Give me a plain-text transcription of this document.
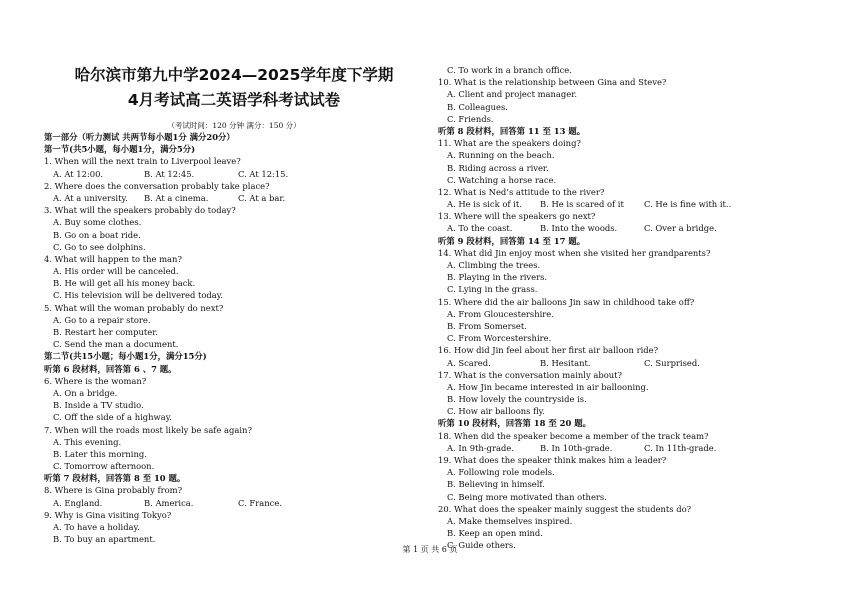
哈尔滨市第九中学2024—2025学年度下学期
4月考试高二英语学科考试试卷
（考试时间：120 分钟 满分：150 分）
第一部分（听力测试 共两节每小题1分 满分20分）
第一节(共5小题，每小题1分，满分5分)
1. When will the next train to Liverpool leave?
A. At 12:00.	B. At 12:45.	C. At 12:15.
2. Where does the conversation probably take place?
A. At a university.	B. At a cinema.	C. At a bar.
3. What will the speakers probably do today?
A. Buy some clothes.
B. Go on a boat ride.
C. Go to see dolphins.
4. What will happen to the man?
A. His order will be canceled.
B. He will get all his money back.
C. His television will be delivered today.
5. What will the woman probably do next?
A. Go to a repair store.
B. Restart her computer.
C. Send the man a document.
第二节(共15小题；每小题1分，满分15分)
听第 6 段材料，回答第 6 、7 题。
6. Where is the woman?
A. On a bridge.
B. Inside a TV studio.
C. Off the side of a highway.
7. When will the roads most likely be safe again?
A. This evening.
B. Later this morning.
C. Tomorrow afternoon.
听第 7 段材料，回答第 8 至 10 题。
8. Where is Gina probably from?
A. England.	B. America.	C. France.
9. Why is Gina visiting Tokyo?
A. To have a holiday.
B. To buy an apartment.
C. To work in a branch office.
10. What is the relationship between Gina and Steve?
A. Client and project manager.
B. Colleagues.
C. Friends.
听第 8 段材料，回答第 11 至 13 题。
11. What are the speakers doing?
A. Running on the beach.
B. Riding across a river.
C. Watching a horse race.
12. What is Ned’s attitude to the river?
A. He is sick of it.	B. He is scared of it	C. He is fine with it..
13. Where will the speakers go next?
A. To the coast.	B. Into the woods.	C. Over a bridge.
听第 9 段材料，回答第 14 至 17 题。
14. What did Jin enjoy most when she visited her grandparents?
A. Climbing the trees.
B. Playing in the rivers.
C. Lying in the grass.
15. Where did the air balloons Jin saw in childhood take off?
A. From Gloucestershire.
B. From Somerset.
C. From Worcestershire.
16. How did Jin feel about her first air balloon ride?
A. Scared.	B. Hesitant.	C. Surprised.
17. What is the conversation mainly about?
A. How Jin became interested in air ballooning.
B. How lovely the countryside is.
C. How air balloons fly.
听第 10 段材料，回答第 18 至 20 题。
18. When did the speaker become a member of the track team?
A. In 9th-grade.	B. In 10th-grade.	C. In 11th-grade.
19. What does the speaker think makes him a leader?
A. Following role models.
B. Believing in himself.
C. Being more motivated than others.
20. What does the speaker mainly suggest the students do?
A. Make themselves inspired.
B. Keep an open mind.
C. Guide others.
第 1 页 共 6 页
